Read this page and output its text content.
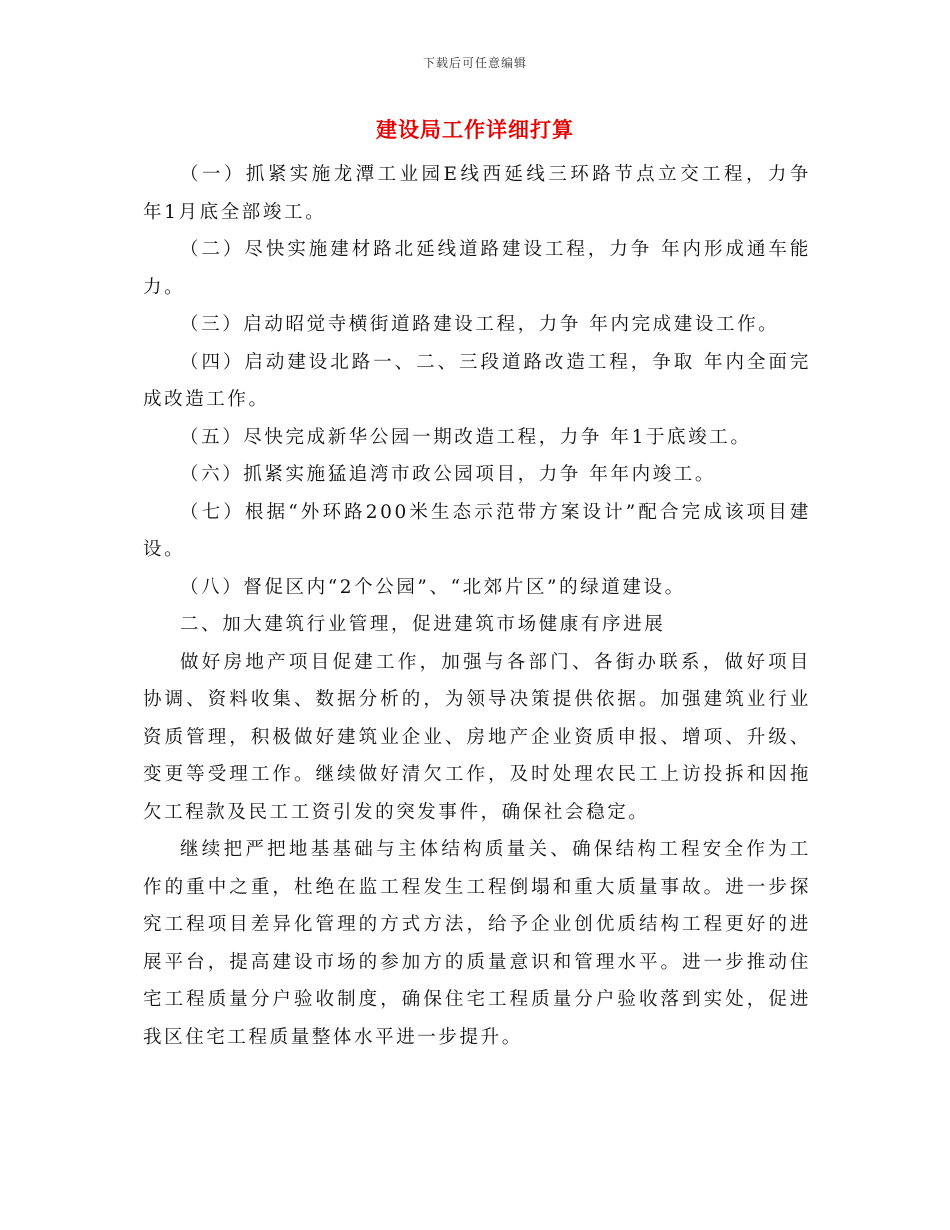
下载后可任意编辑
建设局工作详细打算

（一）抓紧实施龙潭工业园E线西延线三环路节点立交工程，力争 年1月底全部竣工。

（二）尽快实施建材路北延线道路建设工程，力争 年内形成通车能力。

（三）启动昭觉寺横街道路建设工程，力争 年内完成建设工作。

（四）启动建设北路一、二、三段道路改造工程，争取 年内全面完成改造工作。

（五）尽快完成新华公园一期改造工程，力争 年1于底竣工。

（六）抓紧实施猛追湾市政公园项目，力争 年年内竣工。

（七）根据“外环路200米生态示范带方案设计”配合完成该项目建设。

（八）督促区内“2个公园”、“北郊片区”的绿道建设。

二、加大建筑行业管理，促进建筑市场健康有序进展

做好房地产项目促建工作，加强与各部门、各街办联系，做好项目协调、资料收集、数据分析的，为领导决策提供依据。加强建筑业行业资质管理，积极做好建筑业企业、房地产企业资质申报、增项、升级、变更等受理工作。继续做好清欠工作，及时处理农民工上访投拆和因拖欠工程款及民工工资引发的突发事件，确保社会稳定。

继续把严把地基基础与主体结构质量关、确保结构工程安全作为工作的重中之重，杜绝在监工程发生工程倒塌和重大质量事故。进一步探究工程项目差异化管理的方式方法，给予企业创优质结构工程更好的进展平台，提高建设市场的参加方的质量意识和管理水平。进一步推动住宅工程质量分户验收制度，确保住宅工程质量分户验收落到实处，促进我区住宅工程质量整体水平进一步提升。
